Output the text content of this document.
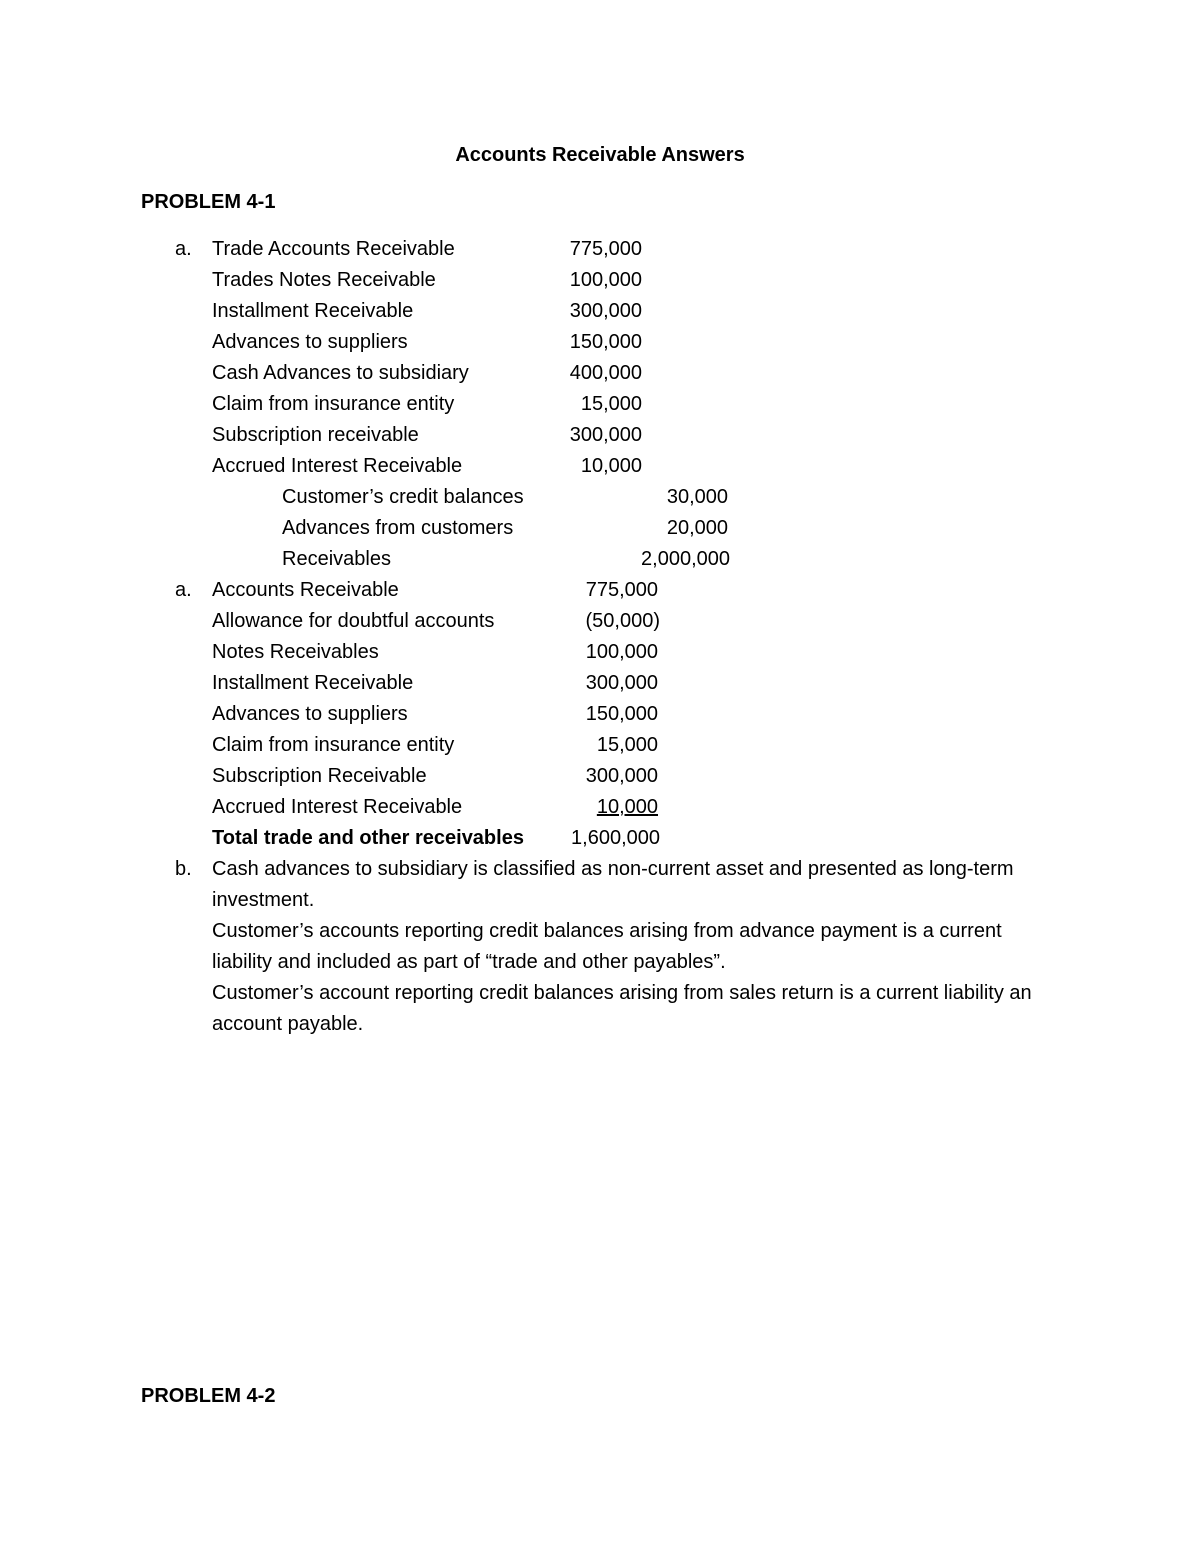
Accounts Receivable Answers
PROBLEM 4-1
a. Trade Accounts Receivable	775,000
Trades Notes Receivable	100,000
Installment Receivable	300,000
Advances to suppliers	150,000
Cash Advances to subsidiary	400,000
Claim from insurance entity	15,000
Subscription receivable	300,000
Accrued Interest Receivable	10,000
Customer’s credit balances	30,000
Advances from customers	20,000
Receivables	2,000,000
a. Accounts Receivable	775,000
Allowance for doubtful accounts	(50,000)
Notes Receivables	100,000
Installment Receivable	300,000
Advances to suppliers	150,000
Claim from insurance entity	15,000
Subscription Receivable	300,000
Accrued Interest Receivable	10,000
Total trade and other receivables	1,600,000
b. Cash advances to subsidiary is classified as non-current asset and presented as long-term investment.

Customer’s accounts reporting credit balances arising from advance payment is a current liability and included as part of “trade and other payables”.

Customer’s account reporting credit balances arising from sales return is a current liability an account payable.

PROBLEM 4-2
